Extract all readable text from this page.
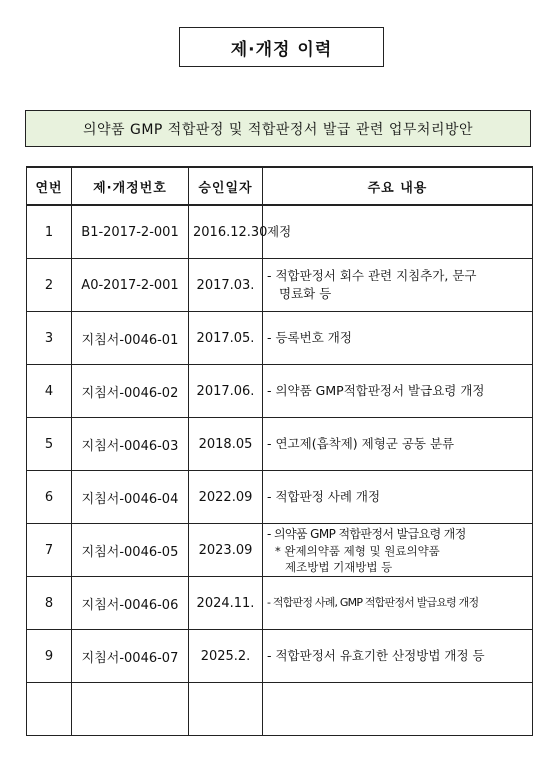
제·개정 이력
의약품 GMP 적합판정 및 적합판정서 발급 관련 업무처리방안
연번	제·개정번호	승인일자	주요 내용
1	B1-2017-2-001	2016.12.30	제정

2	A0-2017-2-001	2017.03.	- 적합판정서 회수 관련 지침추가, 문구
명료화 등

3	지침서-0046-01	2017.05.	- 등록번호 개정

4	지침서-0046-02	2017.06.	- 의약품 GMP적합판정서 발급요령 개정

5	지침서-0046-03	2018.05	- 연고제(흡착제) 제형군 공동 분류

6	지침서-0046-04	2022.09	- 적합판정 사례 개정

7	지침서-0046-05	2023.09	- 의약품 GMP 적합판정서 발급요령 개정
* 완제의약품 제형 및 원료의약품
제조방법 기재방법 등

8	지침서-0046-06	2024.11.	- 적합판정 사례, GMP 적합판정서 발급요령 개정

9	지침서-0046-07	2025.2.	- 적합판정서 유효기한 산정방법 개정 등
